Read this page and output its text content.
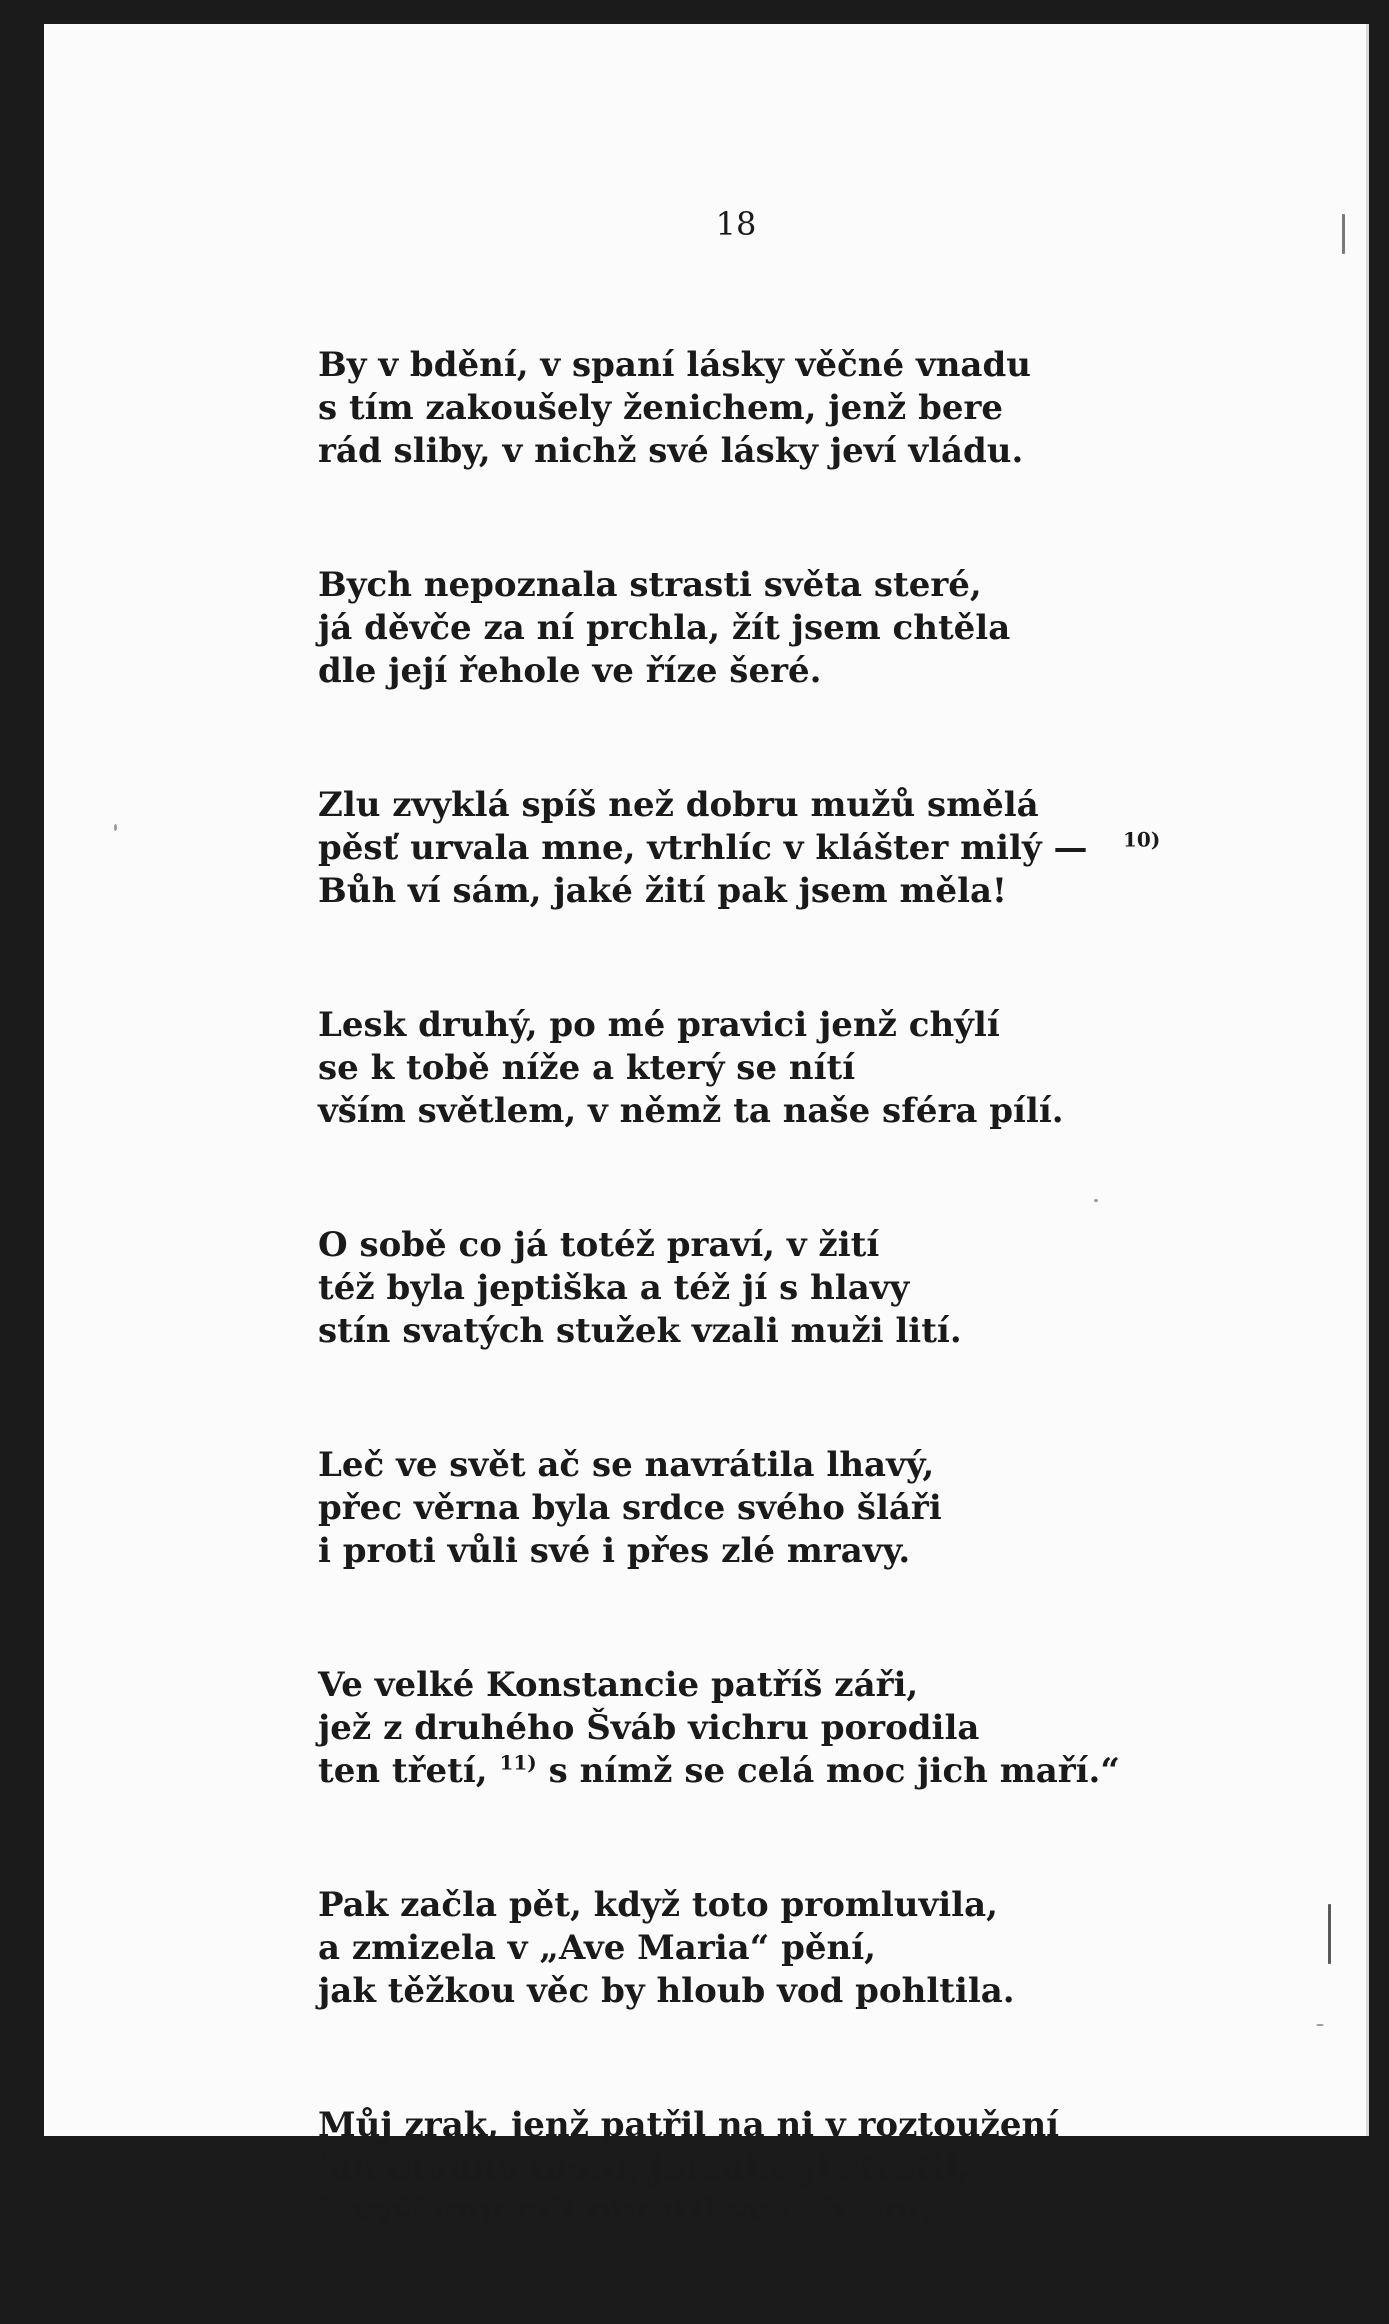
18
By v bdění, v spaní lásky věčné vnadu
s tím zakoušely ženichem, jenž bere
rád sliby, v nichž své lásky jeví vládu.
Bych nepoznala strasti světa steré,
já děvče za ní prchla, žít jsem chtěla
dle její řehole ve říze šeré.
Zlu zvyklá spíš než dobru mužů smělá
pěsť urvala mne, vtrhlíc v klášter milý — $^{10)}$
Bůh ví sám, jaké žití pak jsem měla!
Lesk druhý, po mé pravici jenž chýlí
se k tobě níže a který se nítí
vším světlem, v němž ta naše sféra pílí.
O sobě co já totéž praví, v žití
též byla jeptiška a též jí s hlavy
stín svatých stužek vzali muži lití.
Leč ve svět ač se navrátila lhavý,
přec věrna byla srdce svého šláři
i proti vůli své i přes zlé mravy.
Ve velké Konstancie patříš záři,
jež z druhého Šváb vichru porodila
ten třetí, $^{11)}$ s nímž se celá moc jich maří.“
Pak začla pět, když toto promluvila,
a zmizela v „Ave Maria“ pění,
jak těžkou věc by hloub vod pohltila.
Můj zrak, jenž patřil na ni v roztoužení
jak dlouho mohl, jakmile ji ztratil,
k vyššímu cíli obrátil své chtění,
